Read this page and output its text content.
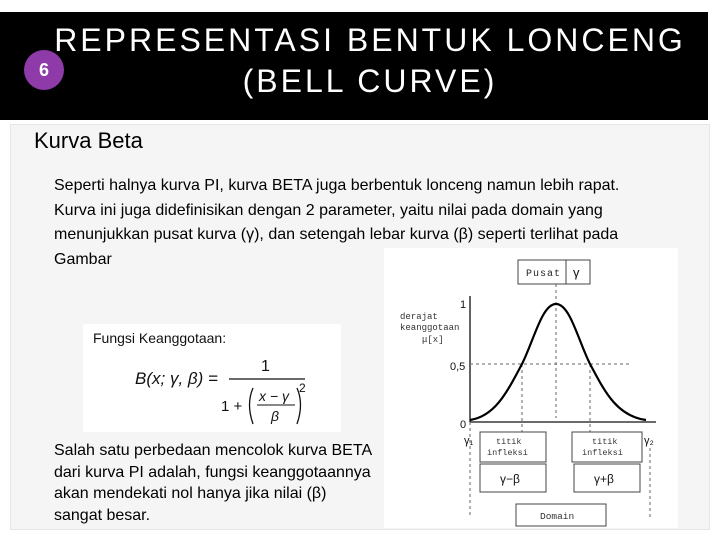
REPRESENTASI BENTUK LONCENG
(BELL CURVE)
6
Kurva Beta
Seperti halnya kurva PI, kurva BETA juga berbentuk lonceng namun lebih rapat. Kurva ini juga didefinisikan dengan 2 parameter, yaitu nilai pada domain yang menunjukkan pusat kurva (γ), dan setengah lebar kurva (β) seperti terlihat pada Gambar
Fungsi Keanggotaan:
B(x; γ, β) =
1
1 +
x − γ
β
2
Salah satu perbedaan mencolok kurva BETA dari kurva PI adalah, fungsi keanggotaannya akan mendekati nol hanya jika nilai (β) sangat besar.
Pusat γ
derajat
keanggotaan
μ[x]
1
0,5
0
γ₁	γ₂
titik
infleksi
titik
infleksi
γ−β	γ+β
Domain
